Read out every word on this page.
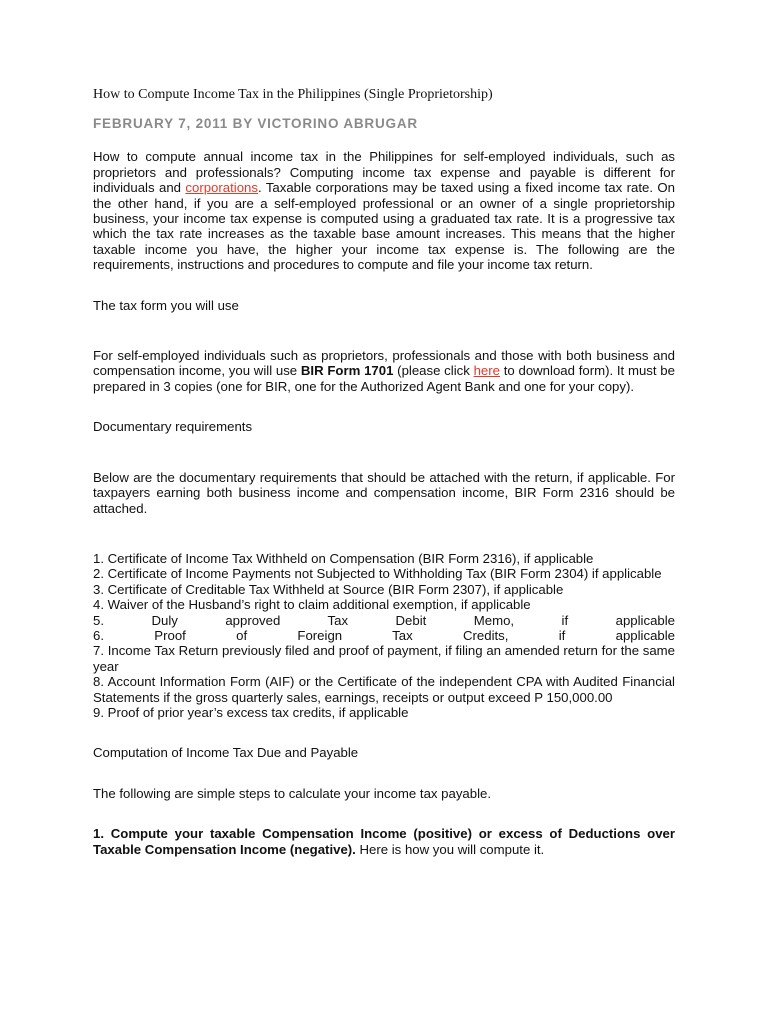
How to Compute Income Tax in the Philippines (Single Proprietorship)
FEBRUARY 7, 2011 BY VICTORINO ABRUGAR

How to compute annual income tax in the Philippines for self-employed individuals, such as proprietors and professionals? Computing income tax expense and payable is different for individuals and corporations. Taxable corporations may be taxed using a fixed income tax rate. On the other hand, if you are a self-employed professional or an owner of a single proprietorship business, your income tax expense is computed using a graduated tax rate. It is a progressive tax which the tax rate increases as the taxable base amount increases. This means that the higher taxable income you have, the higher your income tax expense is. The following are the requirements, instructions and procedures to compute and file your income tax return.

The tax form you will use

For self-employed individuals such as proprietors, professionals and those with both business and compensation income, you will use BIR Form 1701 (please click here to download form). It must be prepared in 3 copies (one for BIR, one for the Authorized Agent Bank and one for your copy).

Documentary requirements

Below are the documentary requirements that should be attached with the return, if applicable. For taxpayers earning both business income and compensation income, BIR Form 2316 should be attached.

1. Certificate of Income Tax Withheld on Compensation (BIR Form 2316), if applicable
2. Certificate of Income Payments not Subjected to Withholding Tax (BIR Form 2304) if applicable
3. Certificate of Creditable Tax Withheld at Source (BIR Form 2307), if applicable
4. Waiver of the Husband’s right to claim additional exemption, if applicable
5. Duly approved Tax Debit Memo, if applicable
6. Proof of Foreign Tax Credits, if applicable
7. Income Tax Return previously filed and proof of payment, if filing an amended return for the same year
8. Account Information Form (AIF) or the Certificate of the independent CPA with Audited Financial Statements if the gross quarterly sales, earnings, receipts or output exceed P 150,000.00
9. Proof of prior year’s excess tax credits, if applicable

Computation of Income Tax Due and Payable

The following are simple steps to calculate your income tax payable.

1. Compute your taxable Compensation Income (positive) or excess of Deductions over Taxable Compensation Income (negative). Here is how you will compute it.
